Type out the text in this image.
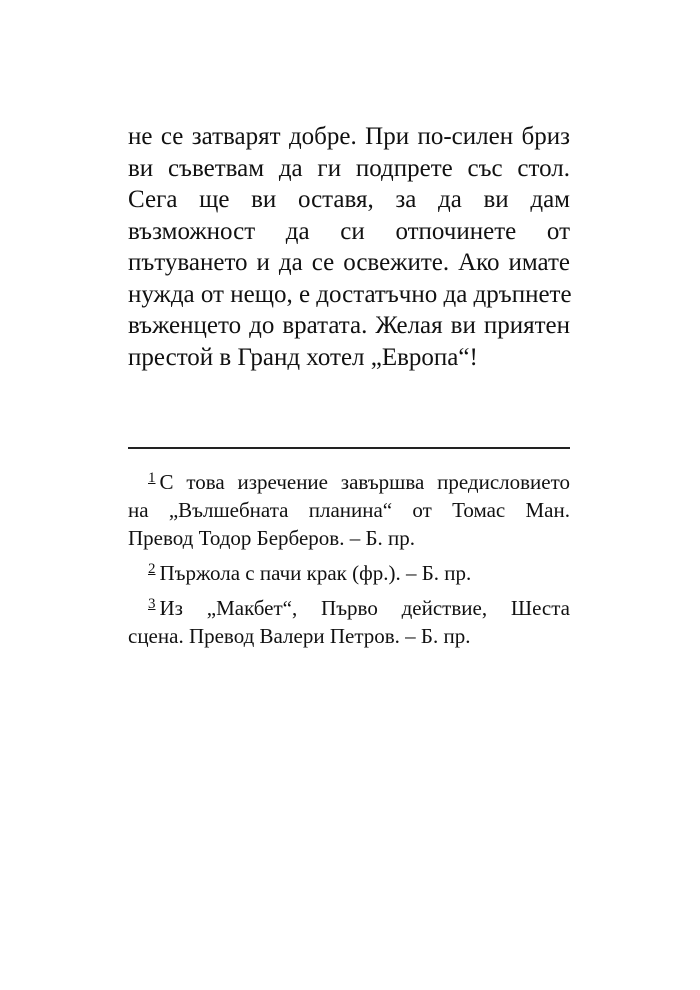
не се затварят добре. При по-силен бриз
ви съветвам да ги подпрете със стол.
Сега ще ви оставя, за да ви дам
възможност да си отпочинете от
пътуването и да се освежите. Ако имате
нужда от нещо, е достатъчно да дръпнете
въженцето до вратата. Желая ви приятен
престой в Гранд хотел „Европа“!
$^1$ С това изречение завършва предисловието
на „Вълшебната планина“ от Томас Ман.
Превод Тодор Берберов. – Б. пр.
$^2$ Пържола с пачи крак (фр.). – Б. пр.
$^3$ Из „Макбет“, Първо действие, Шеста
сцена. Превод Валери Петров. – Б. пр.
